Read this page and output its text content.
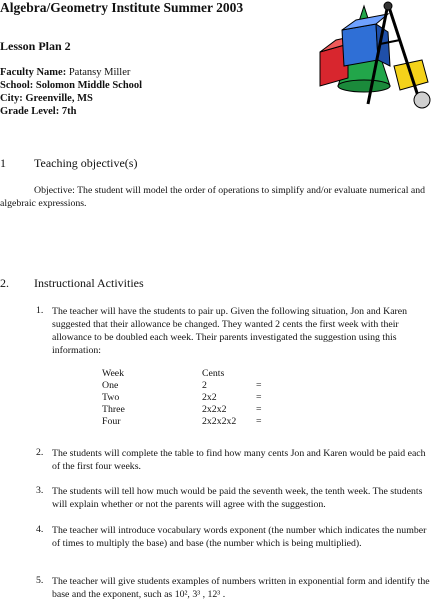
Algebra/Geometry Institute Summer 2003
Lesson Plan 2
Faculty Name: Patansy Miller
School: Solomon Middle School
City: Greenville, MS
Grade Level: 7th
1 Teaching objective(s)
Objective: The student will model the order of operations to simplify and/or evaluate numerical and algebraic expressions.
2. Instructional Activities
1. The teacher will have the students to pair up. Given the following situation, Jon and Karen suggested that their allowance be changed. They wanted 2 cents the first week with their allowance to be doubled each week. Their parents investigated the suggestion using this information:
Week	Cents
One	2	=
Two	2x2	=
Three	2x2x2	=
Four	2x2x2x2 =
2. The students will complete the table to find how many cents Jon and Karen would be paid each of the first four weeks.
3. The students will tell how much would be paid the seventh week, the tenth week. The students will explain whether or not the parents will agree with the suggestion.
4. The teacher will introduce vocabulary words exponent (the number which indicates the number of times to multiply the base) and base (the number which is being multiplied).
5. The teacher will give students examples of numbers written in exponential form and identify the base and the exponent, such as 10², 3³ , 12³ .
